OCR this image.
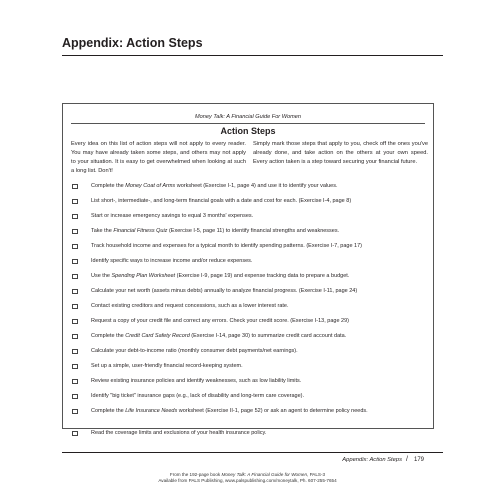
Appendix: Action Steps
Money Talk: A Financial Guide For Women
Action Steps
Every idea on this list of action steps will not apply to every reader. You may have already taken some steps, and others may not apply to your situation. It is easy to get overwhelmed when looking at such a long list. Don't!
Simply mark those steps that apply to you, check off the ones you've already done, and take action on the others at your own speed. Every action taken is a step toward securing your financial future.
Complete the Money Coat of Arms worksheet (Exercise I-1, page 4) and use it to identify your values.
List short-, intermediate-, and long-term financial goals with a date and cost for each. (Exercise I-4, page 8)
Start or increase emergency savings to equal 3 months' expenses.
Take the Financial Fitness Quiz (Exercise I-5, page 11) to identify financial strengths and weaknesses.
Track household income and expenses for a typical month to identify spending patterns. (Exercise I-7, page 17)
Identify specific ways to increase income and/or reduce expenses.
Use the Spending Plan Worksheet (Exercise I-9, page 19) and expense tracking data to prepare a budget.
Calculate your net worth (assets minus debts) annually to analyze financial progress. (Exercise I-11, page 24)
Contact existing creditors and request concessions, such as a lower interest rate.
Request a copy of your credit file and correct any errors. Check your credit score. (Exercise I-13, page 29)
Complete the Credit Card Safety Record (Exercise I-14, page 30) to summarize credit card account data.
Calculate your debt-to-income ratio (monthly consumer debt payments/net earnings).
Set up a simple, user-friendly financial record-keeping system.
Review existing insurance policies and identify weaknesses, such as low liability limits.
Identify "big ticket" insurance gaps (e.g., lack of disability and long-term care coverage).
Complete the Life Insurance Needs worksheet (Exercise II-1, page 52) or ask an agent to determine policy needs.
Read the coverage limits and exclusions of your health insurance policy.
Appendix: Action Steps / 179
From the 192-page book Money Talk: A Financial Guide for Women, PALS-3
Available from PALS Publishing, www.palspublishing.com/moneytalk, Ph. 607-255-7654
